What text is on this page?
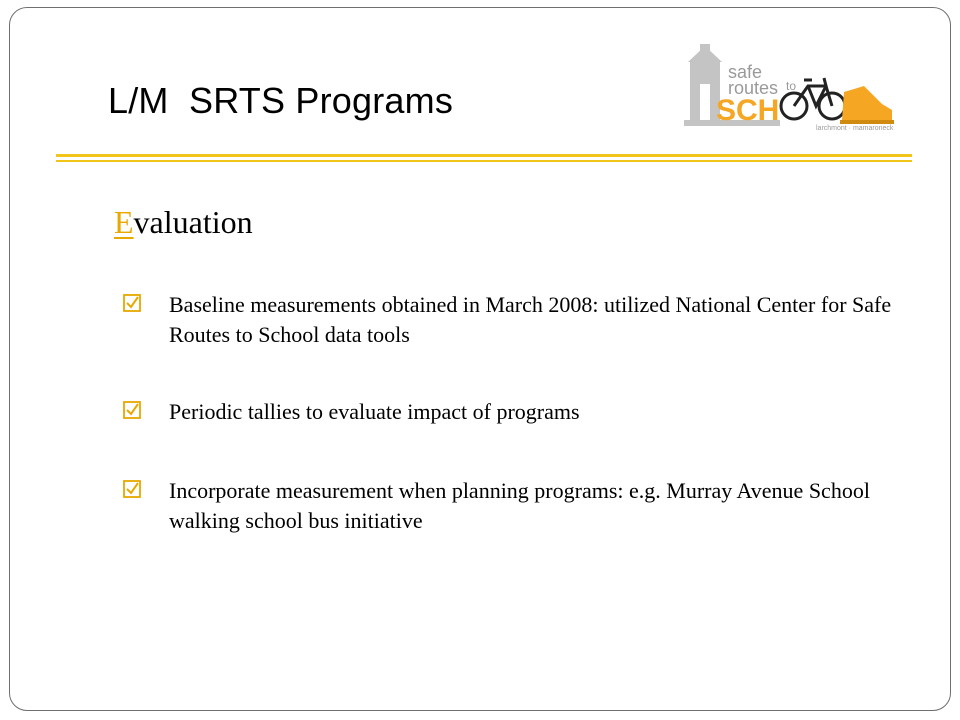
L/M  SRTS Programs
safe
routes to
SCH
larchmont · mamaroneck
Evaluation
Baseline measurements obtained in March 2008: utilized National Center for Safe Routes to School data tools
Periodic tallies to evaluate impact of programs
Incorporate measurement when planning programs: e.g. Murray Avenue School walking school bus initiative
